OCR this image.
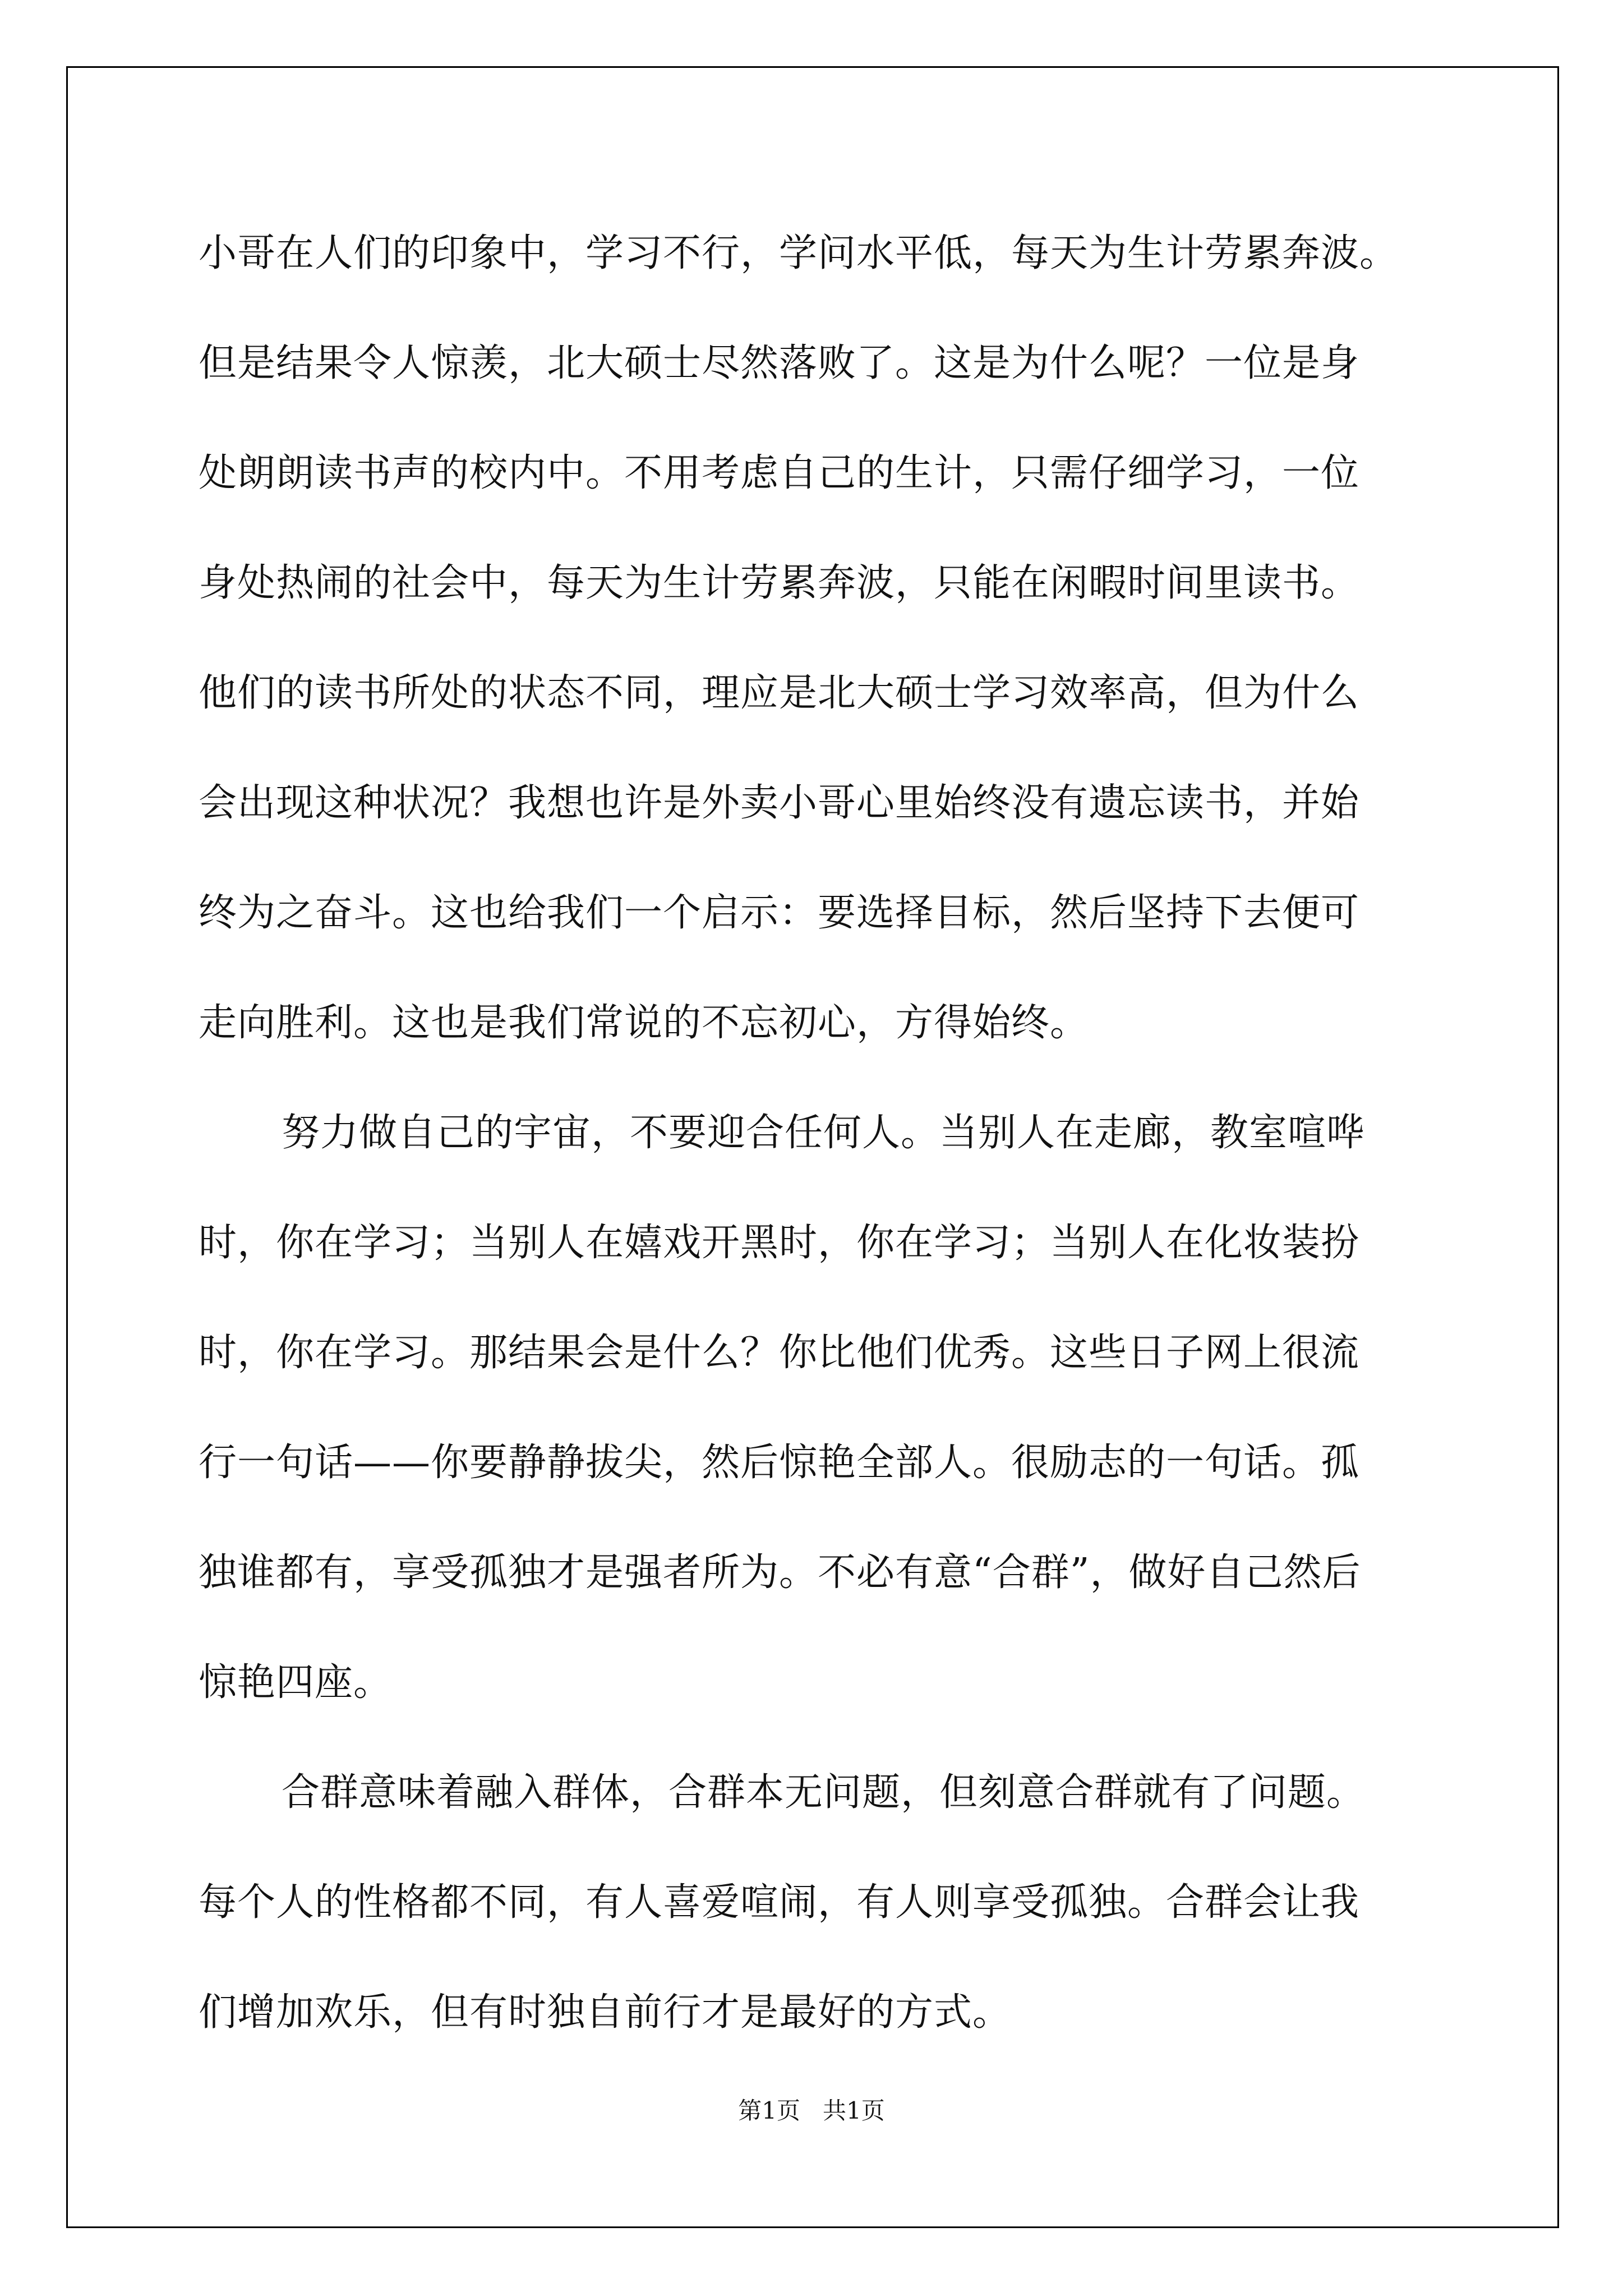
小哥在人们的印象中，学习不行，学问水平低，每天为生计劳累奔波。
但是结果令人惊羡，北大硕士尽然落败了。这是为什么呢？一位是身
处朗朗读书声的校内中。不用考虑自己的生计，只需仔细学习，一位
身处热闹的社会中，每天为生计劳累奔波，只能在闲暇时间里读书。
他们的读书所处的状态不同，理应是北大硕士学习效率高，但为什么
会出现这种状况？我想也许是外卖小哥心里始终没有遗忘读书，并始
终为之奋斗。这也给我们一个启示：要选择目标，然后坚持下去便可
走向胜利。这也是我们常说的不忘初心，方得始终。
努力做自己的宇宙，不要迎合任何人。当别人在走廊，教室喧哗
时，你在学习；当别人在嬉戏开黑时，你在学习；当别人在化妆装扮
时，你在学习。那结果会是什么？你比他们优秀。这些日子网上很流
行一句话——你要静静拔尖，然后惊艳全部人。很励志的一句话。孤
独谁都有，享受孤独才是强者所为。不必有意“合群”，做好自己然后
惊艳四座。
合群意味着融入群体，合群本无问题，但刻意合群就有了问题。
每个人的性格都不同，有人喜爱喧闹，有人则享受孤独。合群会让我
们增加欢乐，但有时独自前行才是最好的方式。
第1页 共1页
